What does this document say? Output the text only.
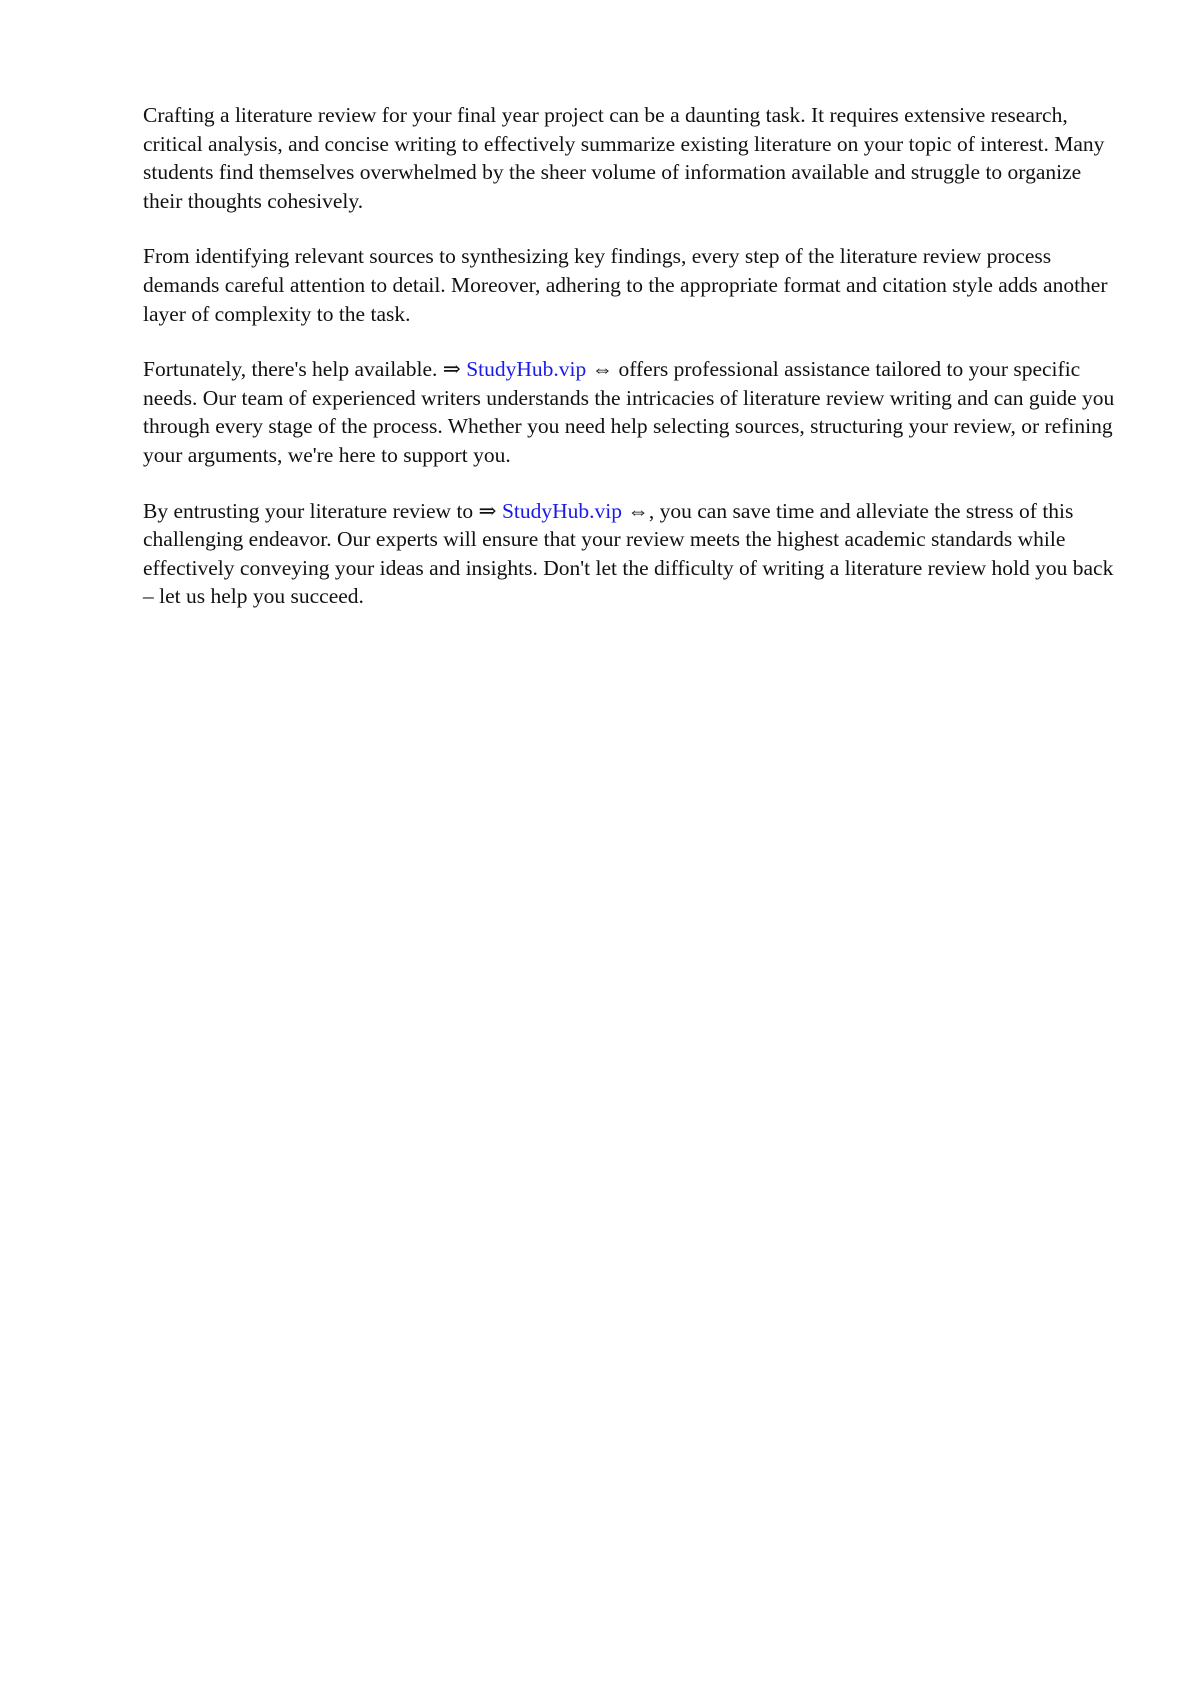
Crafting a literature review for your final year project can be a daunting task. It requires extensive research, critical analysis, and concise writing to effectively summarize existing literature on your topic of interest. Many students find themselves overwhelmed by the sheer volume of information available and struggle to organize their thoughts cohesively.

From identifying relevant sources to synthesizing key findings, every step of the literature review process demands careful attention to detail. Moreover, adhering to the appropriate format and citation style adds another layer of complexity to the task.

Fortunately, there's help available. ⇒ StudyHub.vip ⇔ offers professional assistance tailored to your specific needs. Our team of experienced writers understands the intricacies of literature review writing and can guide you through every stage of the process. Whether you need help selecting sources, structuring your review, or refining your arguments, we're here to support you.

By entrusting your literature review to ⇒ StudyHub.vip ⇔, you can save time and alleviate the stress of this challenging endeavor. Our experts will ensure that your review meets the highest academic standards while effectively conveying your ideas and insights. Don't let the difficulty of writing a literature review hold you back – let us help you succeed.
